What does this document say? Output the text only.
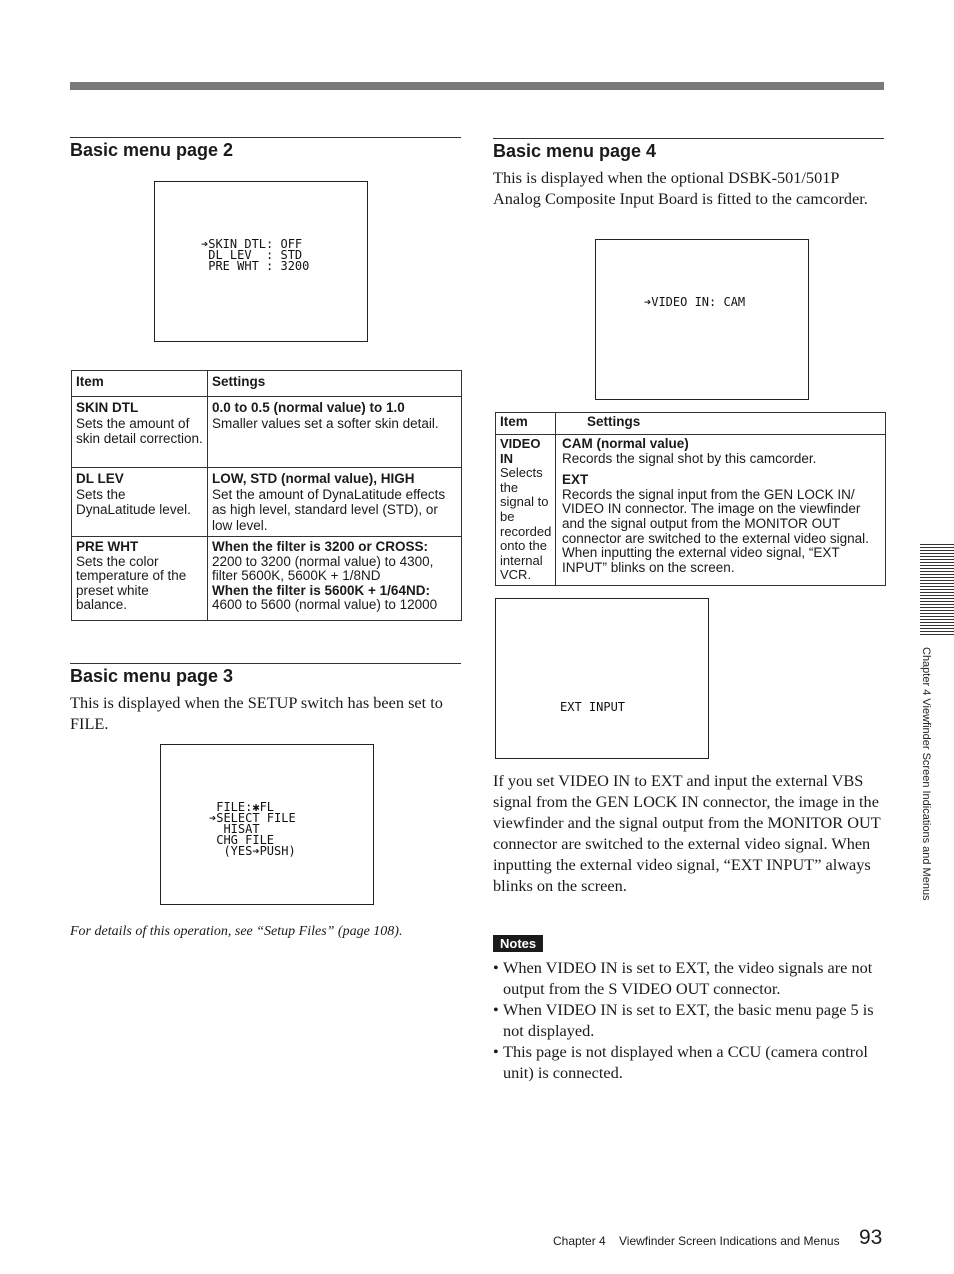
Basic menu page 2
➔SKIN DTL: OFF
DL LEV  : STD
PRE WHT : 3200
Item	Settings

SKIN DTL
Sets the amount of skin detail correction.	0.0 to 0.5 (normal value) to 1.0
Smaller values set a softer skin detail.

DL LEV
Sets the DynaLatitude level.	LOW, STD (normal value), HIGH
Set the amount of DynaLatitude effects as high level, standard level (STD), or low level.

PRE WHT
Sets the color temperature of the preset white balance.	When the filter is 3200 or CROSS:
2200 to 3200 (normal value) to 4300, filter 5600K, 5600K + 1/8ND
When the filter is 5600K + 1/64ND:
4600 to 5600 (normal value) to 12000
Basic menu page 3
This is displayed when the SETUP switch has been set to FILE.
FILE:✱FL
➔SELECT FILE
HISAT
CHG FILE
(YES➔PUSH)
For details of this operation, see “Setup Files” (page 108).
Basic menu page 4
This is displayed when the optional DSBK-501/501P Analog Composite Input Board is fitted to the camcorder.
➔VIDEO IN: CAM
Item	Settings

VIDEO IN
Selects the signal to be recorded onto the internal VCR.	CAM (normal value)
Records the signal shot by this camcorder.
EXT
Records the signal input from the GEN LOCK IN/ VIDEO IN connector. The image on the viewfinder and the signal output from the MONITOR OUT connector are switched to the external video signal. When inputting the external video signal, “EXT INPUT” blinks on the screen.
EXT INPUT
If you set VIDEO IN to EXT and input the external VBS signal from the GEN LOCK IN connector, the image in the viewfinder and the signal output from the MONITOR OUT connector are switched to the external video signal. When inputting the external video signal, “EXT INPUT” always blinks on the screen.
Notes
• When VIDEO IN is set to EXT, the video signals are not output from the S VIDEO OUT connector.
• When VIDEO IN is set to EXT, the basic menu page 5 is not displayed.
• This page is not displayed when a CCU (camera control unit) is connected.
Chapter 4 Viewfinder Screen Indications and Menus
Chapter 4 Viewfinder Screen Indications and Menus 93
